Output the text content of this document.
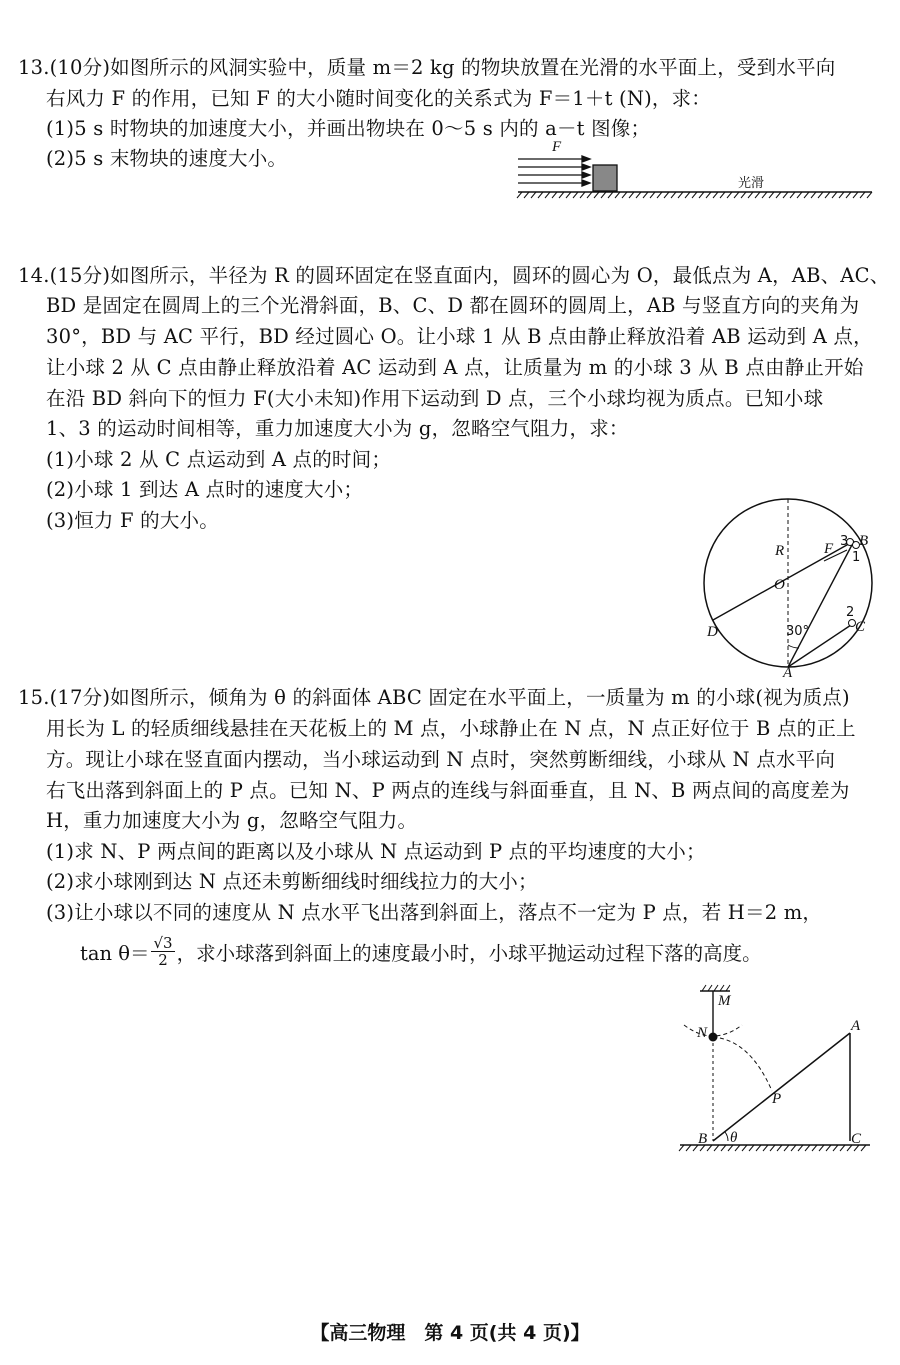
13.(10分)如图所示的风洞实验中，质量 m＝2 kg 的物块放置在光滑的水平面上，受到水平向
右风力 F 的作用，已知 F 的大小随时间变化的关系式为 F＝1＋t (N)，求：
(1)5 s 时物块的加速度大小，并画出物块在 0～5 s 内的 a－t 图像；
(2)5 s 末物块的速度大小。	F
光滑
14.(15分)如图所示，半径为 R 的圆环固定在竖直面内，圆环的圆心为 O，最低点为 A，AB、AC、
BD 是固定在圆周上的三个光滑斜面，B、C、D 都在圆环的圆周上，AB 与竖直方向的夹角为
30°，BD 与 AC 平行，BD 经过圆心 O。让小球 1 从 B 点由静止释放沿着 AB 运动到 A 点，
让小球 2 从 C 点由静止释放沿着 AC 运动到 A 点，让质量为 m 的小球 3 从 B 点由静止开始
在沿 BD 斜向下的恒力 F(大小未知)作用下运动到 D 点，三个小球均视为质点。已知小球
1、3 的运动时间相等，重力加速度大小为 g，忽略空气阻力，求：
(1)小球 2 从 C 点运动到 A 点的时间；
(2)小球 1 到达 A 点时的速度大小；
(3)恒力 F 的大小。
R
O
F 3 B
1
2
C
D	30°
A
15.(17分)如图所示，倾角为 θ 的斜面体 ABC 固定在水平面上，一质量为 m 的小球(视为质点)
用长为 L 的轻质细线悬挂在天花板上的 M 点，小球静止在 N 点，N 点正好位于 B 点的正上
方。现让小球在竖直面内摆动，当小球运动到 N 点时，突然剪断细线，小球从 N 点水平向
右飞出落到斜面上的 P 点。已知 N、P 两点的连线与斜面垂直，且 N、B 两点间的高度差为
H，重力加速度大小为 g，忽略空气阻力。
(1)求 N、P 两点间的距离以及小球从 N 点运动到 P 点的平均速度的大小；
(2)求小球刚到达 N 点还未剪断细线时细线拉力的大小；
(3)让小球以不同的速度从 N 点水平飞出落到斜面上，落点不一定为 P 点，若 H＝2 m，
$\tan \theta= \frac{√3}{2}$ ，求小球落到斜面上的速度最小时，小球平抛运动过程下落的高度。
M
N	A
P
B θ	C
【高三物理　第 4 页(共 4 页)】
